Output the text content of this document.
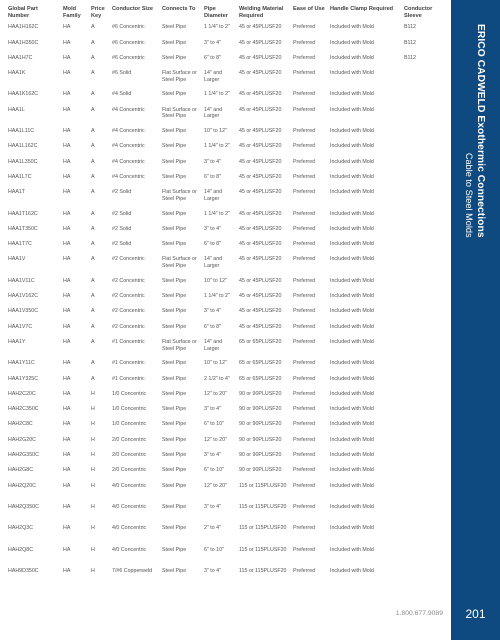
ERICO CADWELD Exothermic Connections
Cable to Steel Molds
201
1.800.677.9089
Global Part Number	Mold Family	Price Key	Conductor Size	Connects To	Pipe Diameter	Welding Material Required	Ease of Use	Handle Clamp Required	Conductor Sleeve
HAA1H162C	HA	A	#6 Concentric	Steel Pipe	1 1/4" to 2"	45 or 45PLUSF20	Preferred	Included with Mold	B112
HAA1H350C	HA	A	#6 Concentric	Steel Pipe	3" to 4"	45 or 45PLUSF20	Preferred	Included with Mold	B112
HAA1H7C	HA	A	#6 Concentric	Steel Pipe	6" to 8"	45 or 45PLUSF20	Preferred	Included with Mold	B112
HAA1K	HA	A	#6 Solid	Flat Surface or Steel Pipe	14" and Larger	45 or 45PLUSF20	Preferred	Included with Mold	

HAA1K162C	HA	A	#4 Solid	Steel Pipe	1 1/4" to 2"	45 or 45PLUSF20	Preferred	Included with Mold	
HAA1L	HA	A	#4 Concentric	Flat Surface or Steel Pipe	14" and Larger	45 or 45PLUSF20	Preferred	Included with Mold	

HAA1L11C	HA	A	#4 Concentric	Steel Pipe	10" to 12"	45 or 45PLUSF20	Preferred	Included with Mold	
HAA1L162C	HA	A	#4 Concentric	Steel Pipe	1 1/4" to 2"	45 or 45PLUSF20	Preferred	Included with Mold	
HAA1L350C	HA	A	#4 Concentric	Steel Pipe	3" to 4"	45 or 45PLUSF20	Preferred	Included with Mold	
HAA1L7C	HA	A	#4 Concentric	Steel Pipe	6" to 8"	45 or 45PLUSF20	Preferred	Included with Mold	
HAA1T	HA	A	#2 Solid	Flat Surface or Steel Pipe	14" and Larger	45 or 45PLUSF20	Preferred	Included with Mold	

HAA1T162C	HA	A	#2 Solid	Steel Pipe	1 1/4" to 2"	45 or 45PLUSF20	Preferred	Included with Mold	
HAA1T350C	HA	A	#2 Solid	Steel Pipe	3" to 4"	45 or 45PLUSF20	Preferred	Included with Mold	
HAA1T7C	HA	A	#2 Solid	Steel Pipe	6" to 8"	45 or 45PLUSF20	Preferred	Included with Mold	
HAA1V	HA	A	#2 Concentric	Flat Surface or Steel Pipe	14" and Larger	45 or 45PLUSF20	Preferred	Included with Mold	

HAA1V11C	HA	A	#2 Concentric	Steel Pipe	10" to 12"	45 or 45PLUSF20	Preferred	Included with Mold	
HAA1V162C	HA	A	#2 Concentric	Steel Pipe	1 1/4" to 2"	45 or 45PLUSF20	Preferred	Included with Mold	
HAA1V350C	HA	A	#2 Concentric	Steel Pipe	3" to 4"	45 or 45PLUSF20	Preferred	Included with Mold	
HAA1V7C	HA	A	#2 Concentric	Steel Pipe	6" to 8"	45 or 45PLUSF20	Preferred	Included with Mold	
HAA1Y	HA	A	#1 Concentric	Flat Surface or Steel Pipe	14" and Larger	65 or 65PLUSF20	Preferred	Included with Mold	

HAA1Y11C	HA	A	#1 Concentric	Steel Pipe	10" to 12"	65 or 65PLUSF20	Preferred	Included with Mold	
HAA1Y325C	HA	A	#1 Concentric	Steel Pipe	2 1/2" to 4"	65 or 65PLUSF20	Preferred	Included with Mold	
HAH2C20C	HA	H	1/0 Concentric	Steel Pipe	12" to 20"	90 or 90PLUSF20	Preferred	Included with Mold	
HAH2C350C	HA	H	1/0 Concentric	Steel Pipe	3" to 4"	90 or 90PLUSF20	Preferred	Included with Mold	
HAH2C8C	HA	H	1/0 Concentric	Steel Pipe	6" to 10"	90 or 90PLUSF20	Preferred	Included with Mold	
HAH2G20C	HA	H	2/0 Concentric	Steel Pipe	12" to 20"	90 or 90PLUSF20	Preferred	Included with Mold	
HAH2G350C	HA	H	2/0 Concentric	Steel Pipe	3" to 4"	90 or 90PLUSF20	Preferred	Included with Mold	
HAH2G8C	HA	H	2/0 Concentric	Steel Pipe	6" to 10"	90 or 90PLUSF20	Preferred	Included with Mold	
HAH2Q20C	HA	H	4/0 Concentric	Steel Pipe	12" to 20"	115 or 115PLUSF20	Preferred	Included with Mold	

HAH2Q350C	HA	H	4/0 Concentric	Steel Pipe	3" to 4"	115 or 115PLUSF20	Preferred	Included with Mold	

HAH2Q3C	HA	H	4/0 Concentric	Steel Pipe	2" to 4"	115 or 115PLUSF20	Preferred	Included with Mold	

HAH2Q8C	HA	H	4/0 Concentric	Steel Pipe	6" to 10"	115 or 115PLUSF20	Preferred	Included with Mold	

HAH9D350C	HA	H	7/#6 Copperweld	Steel Pipe	3" to 4"	115 or 115PLUSF20	Preferred	Included with Mold	
